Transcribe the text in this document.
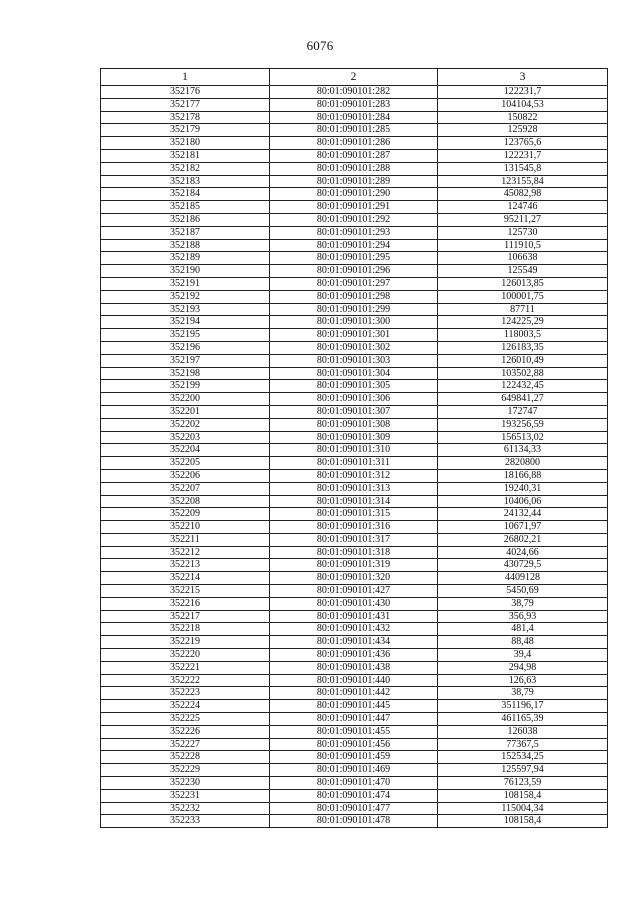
6076
1	2	3
352176	80:01:090101:282	122231,7
352177	80:01:090101:283	104104,53
352178	80:01:090101:284	150822
352179	80:01:090101:285	125928
352180	80:01:090101:286	123765,6
352181	80:01:090101:287	122231,7
352182	80:01:090101:288	131545,8
352183	80:01:090101:289	123155,84
352184	80:01:090101:290	45082,98
352185	80:01:090101:291	124746
352186	80:01:090101:292	95211,27
352187	80:01:090101:293	125730
352188	80:01:090101:294	111910,5
352189	80:01:090101:295	106638
352190	80:01:090101:296	125549
352191	80:01:090101:297	126013,85
352192	80:01:090101:298	100001,75
352193	80:01:090101:299	87711
352194	80:01:090101:300	124225,29
352195	80:01:090101:301	118003,5
352196	80:01:090101:302	126183,35
352197	80:01:090101:303	126010,49
352198	80:01:090101:304	103502,88
352199	80:01:090101:305	122432,45
352200	80:01:090101:306	649841,27
352201	80:01:090101:307	172747
352202	80:01:090101:308	193256,59
352203	80:01:090101:309	156513,02
352204	80:01:090101:310	61134,33
352205	80:01:090101:311	2820800
352206	80:01:090101:312	18166,88
352207	80:01:090101:313	19240,31
352208	80:01:090101:314	10406,06
352209	80:01:090101:315	24132,44
352210	80:01:090101:316	10671,97
352211	80:01:090101:317	26802,21
352212	80:01:090101:318	4024,66
352213	80:01:090101:319	430729,5
352214	80:01:090101:320	4409128
352215	80:01:090101:427	5450,69
352216	80:01:090101:430	38,79
352217	80:01:090101:431	356,93
352218	80:01:090101:432	481,4
352219	80:01:090101:434	88,48
352220	80:01:090101:436	39,4
352221	80:01:090101:438	294,98
352222	80:01:090101:440	126,63
352223	80:01:090101:442	38,79
352224	80:01:090101:445	351196,17
352225	80:01:090101:447	461165,39
352226	80:01:090101:455	126038
352227	80:01:090101:456	77367,5
352228	80:01:090101:459	152534,25
352229	80:01:090101:469	125597,94
352230	80:01:090101:470	76123,59
352231	80:01:090101:474	108158,4
352232	80:01:090101:477	115004,34
352233	80:01:090101:478	108158,4
